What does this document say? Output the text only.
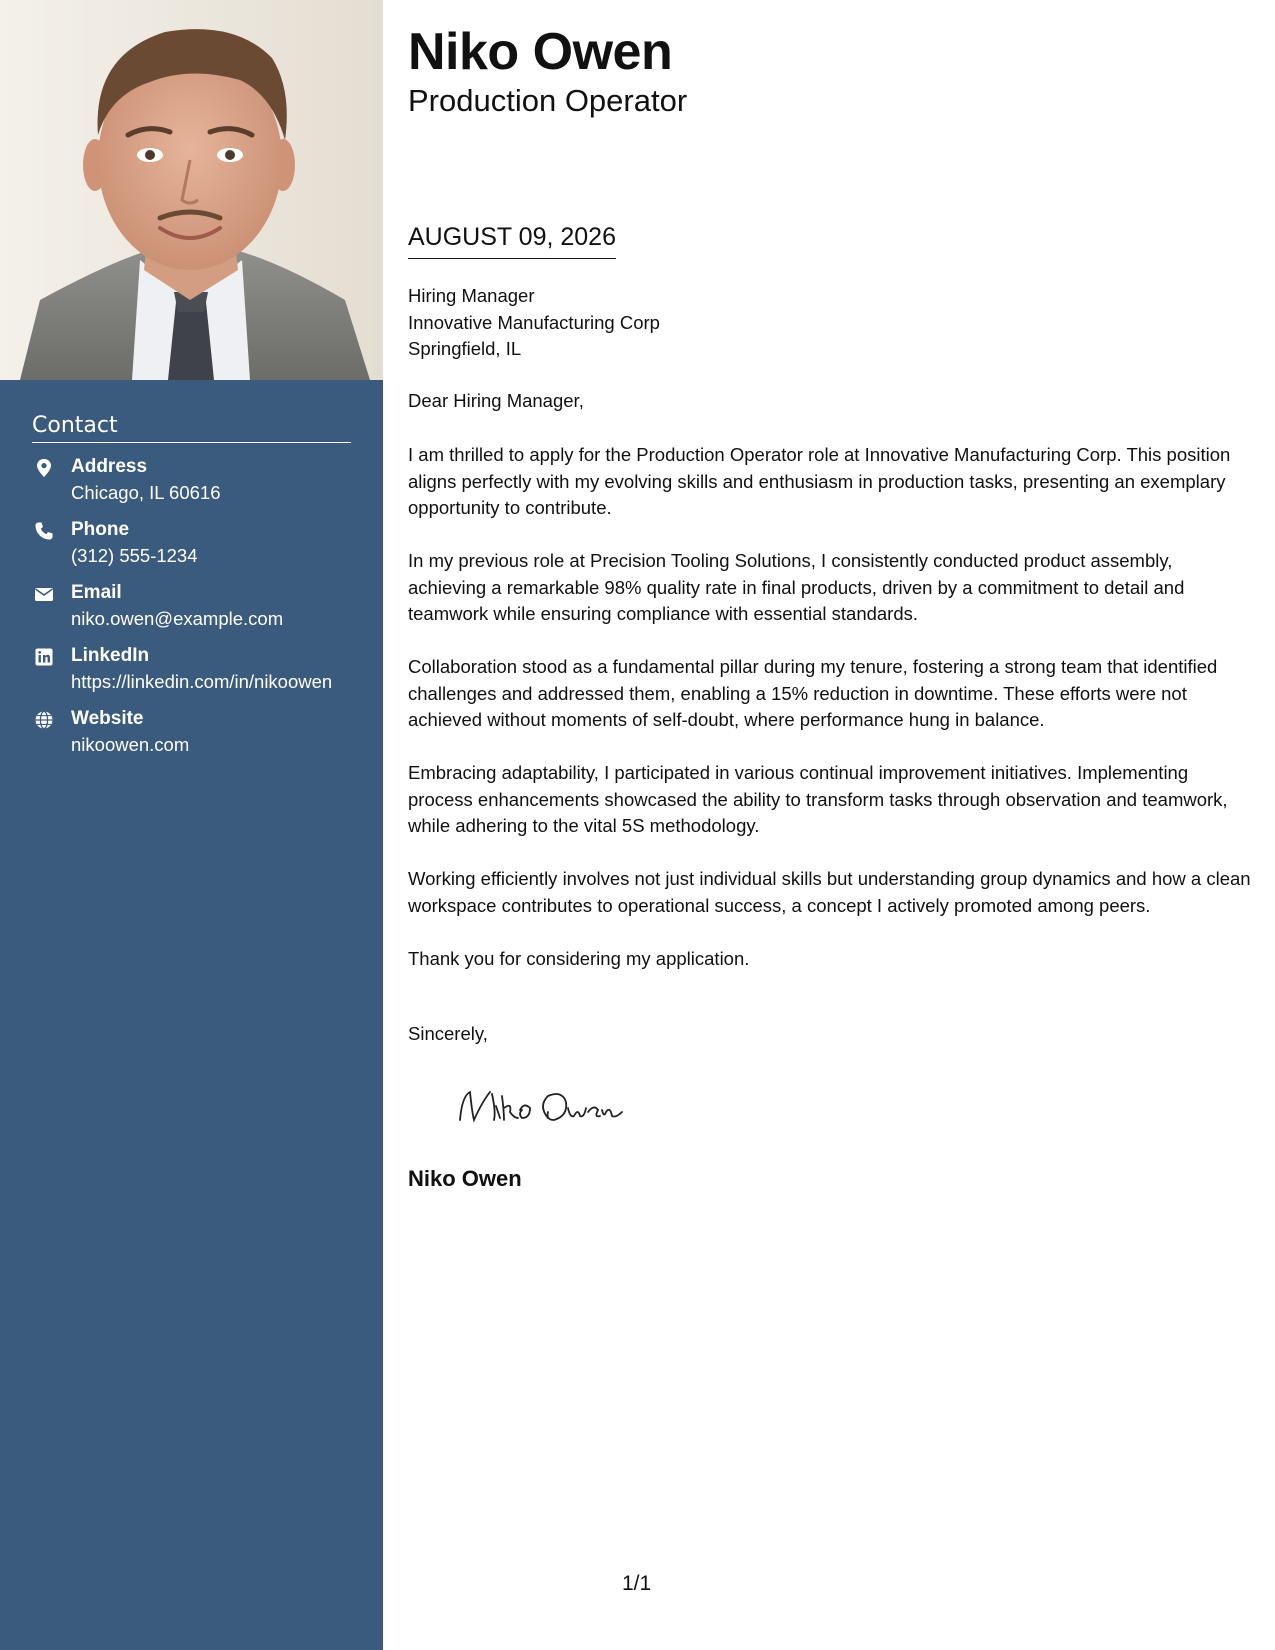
Contact
Address
Chicago, IL 60616
Phone
(312) 555-1234
Email
niko.owen@example.com
LinkedIn
https://linkedin.com/in/nikoowen
Website
nikoowen.com
Niko Owen
Production Operator
AUGUST 09, 2026
Hiring Manager
Innovative Manufacturing Corp
Springfield, IL
Dear Hiring Manager,

I am thrilled to apply for the Production Operator role at Innovative Manufacturing Corp. This position aligns perfectly with my evolving skills and enthusiasm in production tasks, presenting an exemplary opportunity to contribute.

In my previous role at Precision Tooling Solutions, I consistently conducted product assembly, achieving a remarkable 98% quality rate in final products, driven by a commitment to detail and teamwork while ensuring compliance with essential standards.

Collaboration stood as a fundamental pillar during my tenure, fostering a strong team that identified challenges and addressed them, enabling a 15% reduction in downtime. These efforts were not achieved without moments of self-doubt, where performance hung in balance.

Embracing adaptability, I participated in various continual improvement initiatives. Implementing process enhancements showcased the ability to transform tasks through observation and teamwork, while adhering to the vital 5S methodology.

Working efficiently involves not just individual skills but understanding group dynamics and how a clean workspace contributes to operational success, a concept I actively promoted among peers.

Thank you for considering my application.

Sincerely,
Niko Owen
1/1
